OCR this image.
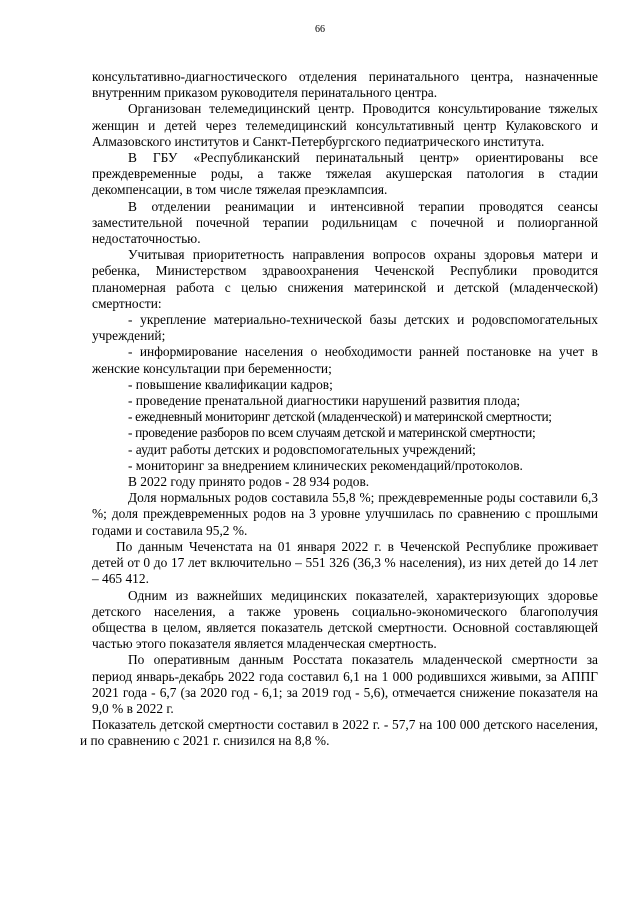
66

консультативно-диагностического отделения перинатального центра, назначенные внутренним приказом руководителя перинатального центра.

Организован телемедицинский центр. Проводится консультирование тяжелых женщин и детей через телемедицинский консультативный центр Кулаковского и Алмазовского институтов и Санкт-Петербургского педиатрического института.

В ГБУ «Республиканский перинатальный центр» ориентированы все преждевременные роды, а также тяжелая акушерская патология в стадии декомпенсации, в том числе тяжелая преэклампсия.

В отделении реанимации и интенсивной терапии проводятся сеансы заместительной почечной терапии родильницам с почечной и полиорганной недостаточностью.

Учитывая приоритетность направления вопросов охраны здоровья матери и ребенка, Министерством здравоохранения Чеченской Республики проводится планомерная работа с целью снижения материнской и детской (младенческой) смертности:

- укрепление материально-технической базы детских и родовспомогательных учреждений;

- информирование населения о необходимости ранней постановке на учет в женские консультации при беременности;

- повышение квалификации кадров;

- проведение пренатальной диагностики нарушений развития плода;

- ежедневный мониторинг детской (младенческой) и материнской смертности;

- проведение разборов по всем случаям детской и материнской смертности;

- аудит работы детских и родовспомогательных учреждений;

- мониторинг за внедрением клинических рекомендаций/протоколов.

В 2022 году принято родов - 28 934 родов.

Доля нормальных родов составила 55,8 %; преждевременные роды составили 6,3 %; доля преждевременных родов на 3 уровне улучшилась по сравнению с прошлыми годами и составила 95,2 %.

По данным Чеченстата на 01 января 2022 г. в Чеченской Республике проживает детей от 0 до 17 лет включительно – 551 326 (36,3 % населения), из них детей до 14 лет – 465 412.

Одним из важнейших медицинских показателей, характеризующих здоровье детского населения, а также уровень социально-экономического благополучия общества в целом, является показатель детской смертности. Основной составляющей частью этого показателя является младенческая смертность.

По оперативным данным Росстата показатель младенческой смертности за период январь-декабрь 2022 года составил 6,1 на 1 000 родившихся живыми, за АППГ 2021 года - 6,7 (за 2020 год - 6,1; за 2019 год - 5,6), отмечается снижение показателя на 9,0 % в 2022 г.

Показатель детской смертности составил в 2022 г. - 57,7 на 100 000 детского населения, и по сравнению с 2021 г. снизился на 8,8 %.
